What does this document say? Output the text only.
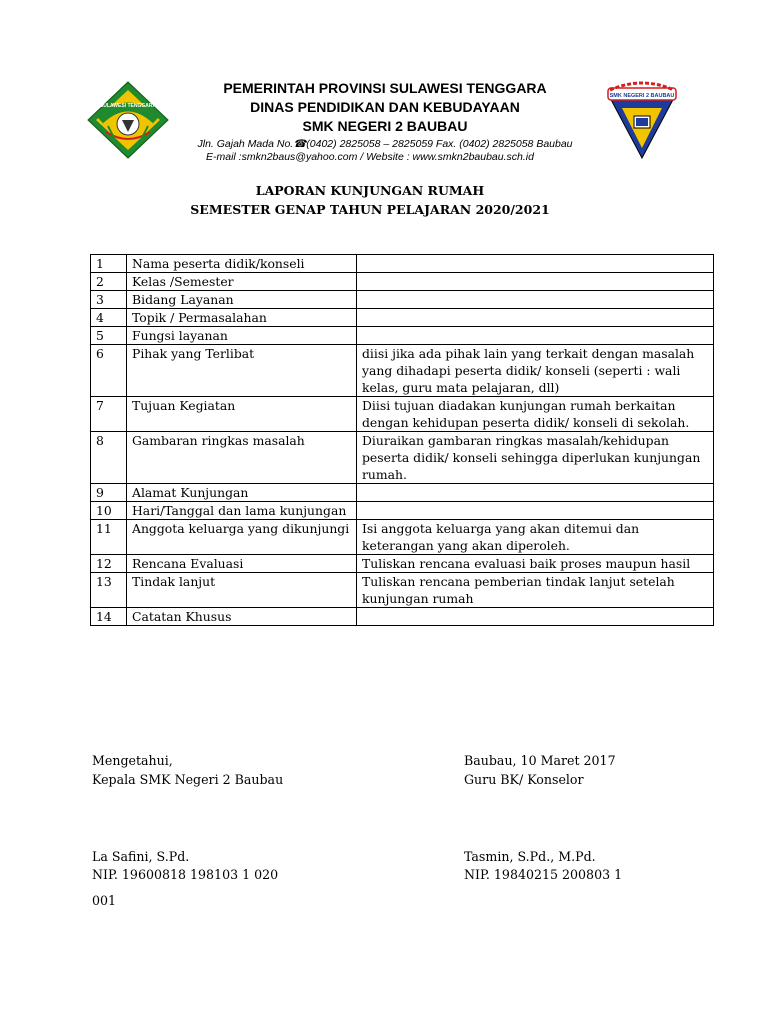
SULAWESI TENGGARA
SMK NEGERI 2 BAUBAU
PEMERINTAH PROVINSI SULAWESI TENGGARA
DINAS PENDIDIKAN DAN KEBUDAYAAN
SMK NEGERI 2 BAUBAU
Jln. Gajah Mada No.☎(0402) 2825058 – 2825059 Fax. (0402) 2825058 Baubau
E-mail :smkn2baus@yahoo.com / Website : www.smkn2baubau.sch.id
LAPORAN KUNJUNGAN RUMAH
SEMESTER GENAP TAHUN PELAJARAN 2020/2021
1	Nama peserta didik/konseli	
2	Kelas /Semester	
3	Bidang Layanan	
4	Topik / Permasalahan	
5	Fungsi layanan	
6	Pihak yang Terlibat	diisi jika ada pihak lain yang terkait dengan masalah yang dihadapi peserta didik/ konseli (seperti : wali kelas, guru mata pelajaran, dll)
7	Tujuan Kegiatan	Diisi tujuan diadakan kunjungan rumah berkaitan dengan kehidupan peserta didik/ konseli di sekolah.
8	Gambaran ringkas masalah	Diuraikan gambaran ringkas masalah/kehidupan peserta didik/ konseli sehingga diperlukan kunjungan rumah.
9	Alamat Kunjungan	
10	Hari/Tanggal dan lama kunjungan	
11	Anggota keluarga yang dikunjungi	Isi anggota keluarga yang akan ditemui dan keterangan yang akan diperoleh.
12	Rencana Evaluasi	Tuliskan rencana evaluasi baik proses maupun hasil
13	Tindak lanjut	Tuliskan rencana pemberian tindak lanjut setelah kunjungan rumah
14	Catatan Khusus	
Mengetahui,
Kepala SMK Negeri 2 Baubau
La Safini, S.Pd.
NIP. 19600818 198103 1 020
001
Baubau, 10 Maret 2017
Guru BK/ Konselor
Tasmin, S.Pd., M.Pd.
NIP. 19840215 200803 1
